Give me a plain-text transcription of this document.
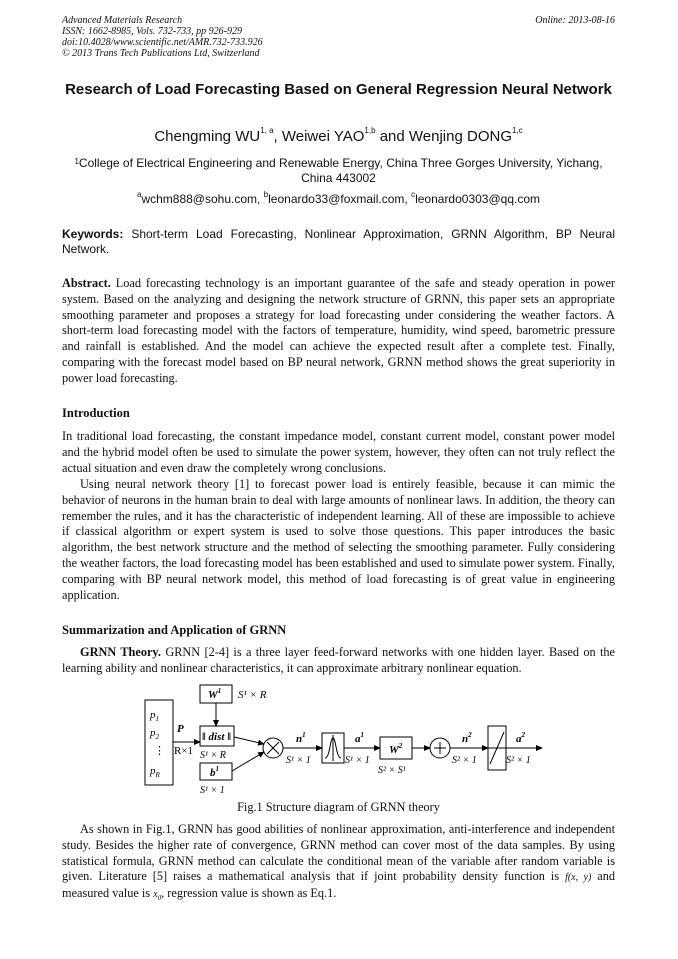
Advanced Materials Research
ISSN: 1662-8985, Vols. 732-733, pp 926-929
doi:10.4028/www.scientific.net/AMR.732-733.926
© 2013 Trans Tech Publications Ltd, Switzerland
Online: 2013-08-16
Research of Load Forecasting Based on General Regression Neural Network
Chengming WU$^{1, a}$, Weiwei YAO$^{1,b}$ and Wenjing DONG$^{1,c}$
$^1$College of Electrical Engineering and Renewable Energy, China Three Gorges University, Yichang, China 443002
$^a$wchm888@sohu.com, $^b$leonardo33@foxmail.com, $^c$leonardo0303@qq.com
Keywords: Short-term Load Forecasting, Nonlinear Approximation, GRNN Algorithm, BP Neural Network.
Abstract. Load forecasting technology is an important guarantee of the safe and steady operation in power system. Based on the analyzing and designing the network structure of GRNN, this paper sets an appropriate smoothing parameter and proposes a strategy for load forecasting under considering the weather factors. A short-term load forecasting model with the factors of temperature, humidity, wind speed, barometric pressure and rainfall is established. And the model can achieve the expected result after a complete test. Finally, comparing with the forecast model based on BP neural network, GRNN method shows the great superiority in power load forecasting.
Introduction
In traditional load forecasting, the constant impedance model, constant current model, constant power model and the hybrid model often be used to simulate the power system, however, they often can not truly reflect the actual situation and even draw the completely wrong conclusions.
Using neural network theory [1] to forecast power load is entirely feasible, because it can mimic the behavior of neurons in the human brain to deal with large amounts of nonlinear laws. In addition, the theory can remember the rules, and it has the characteristic of independent learning. All of these are impossible to achieve if classical algorithm or expert system is used to solve those questions. This paper introduces the basic algorithm, the best network structure and the method of selecting the smoothing parameter. Fully considering the weather factors, the load forecasting model has been established and used to simulate power system. Finally, comparing with BP neural network model, this method of load forecasting is of great value in engineering application.
Summarization and Application of GRNN
GRNN Theory. GRNN [2-4] is a three layer feed-forward networks with one hidden layer. Based on the learning ability and nonlinear characteristics, it can approximate arbitrary nonlinear equation.
$p_1$
$p_2$
⋮
$p_R$
P
R×1
$W^1$ S¹ × R
‖ dist ‖
S¹ × R
$b^1$
S¹ × 1
$n^1$
S¹ × 1
$a^1$
S¹ × 1
$W^2$
S² × S¹
$n^2$
S² × 1
$a^2$
S² × 1
Fig.1 Structure diagram of GRNN theory
As shown in Fig.1, GRNN has good abilities of nonlinear approximation, anti-interference and independent study. Besides the higher rate of convergence, GRNN method can cover most of the data samples. By using statistical formula, GRNN method can calculate the conditional mean of the variable after random variable is given. Literature [5] raises a mathematical analysis that if joint probability density function is f(x, y) and measured value is $x_0$, regression value is shown as Eq.1.
